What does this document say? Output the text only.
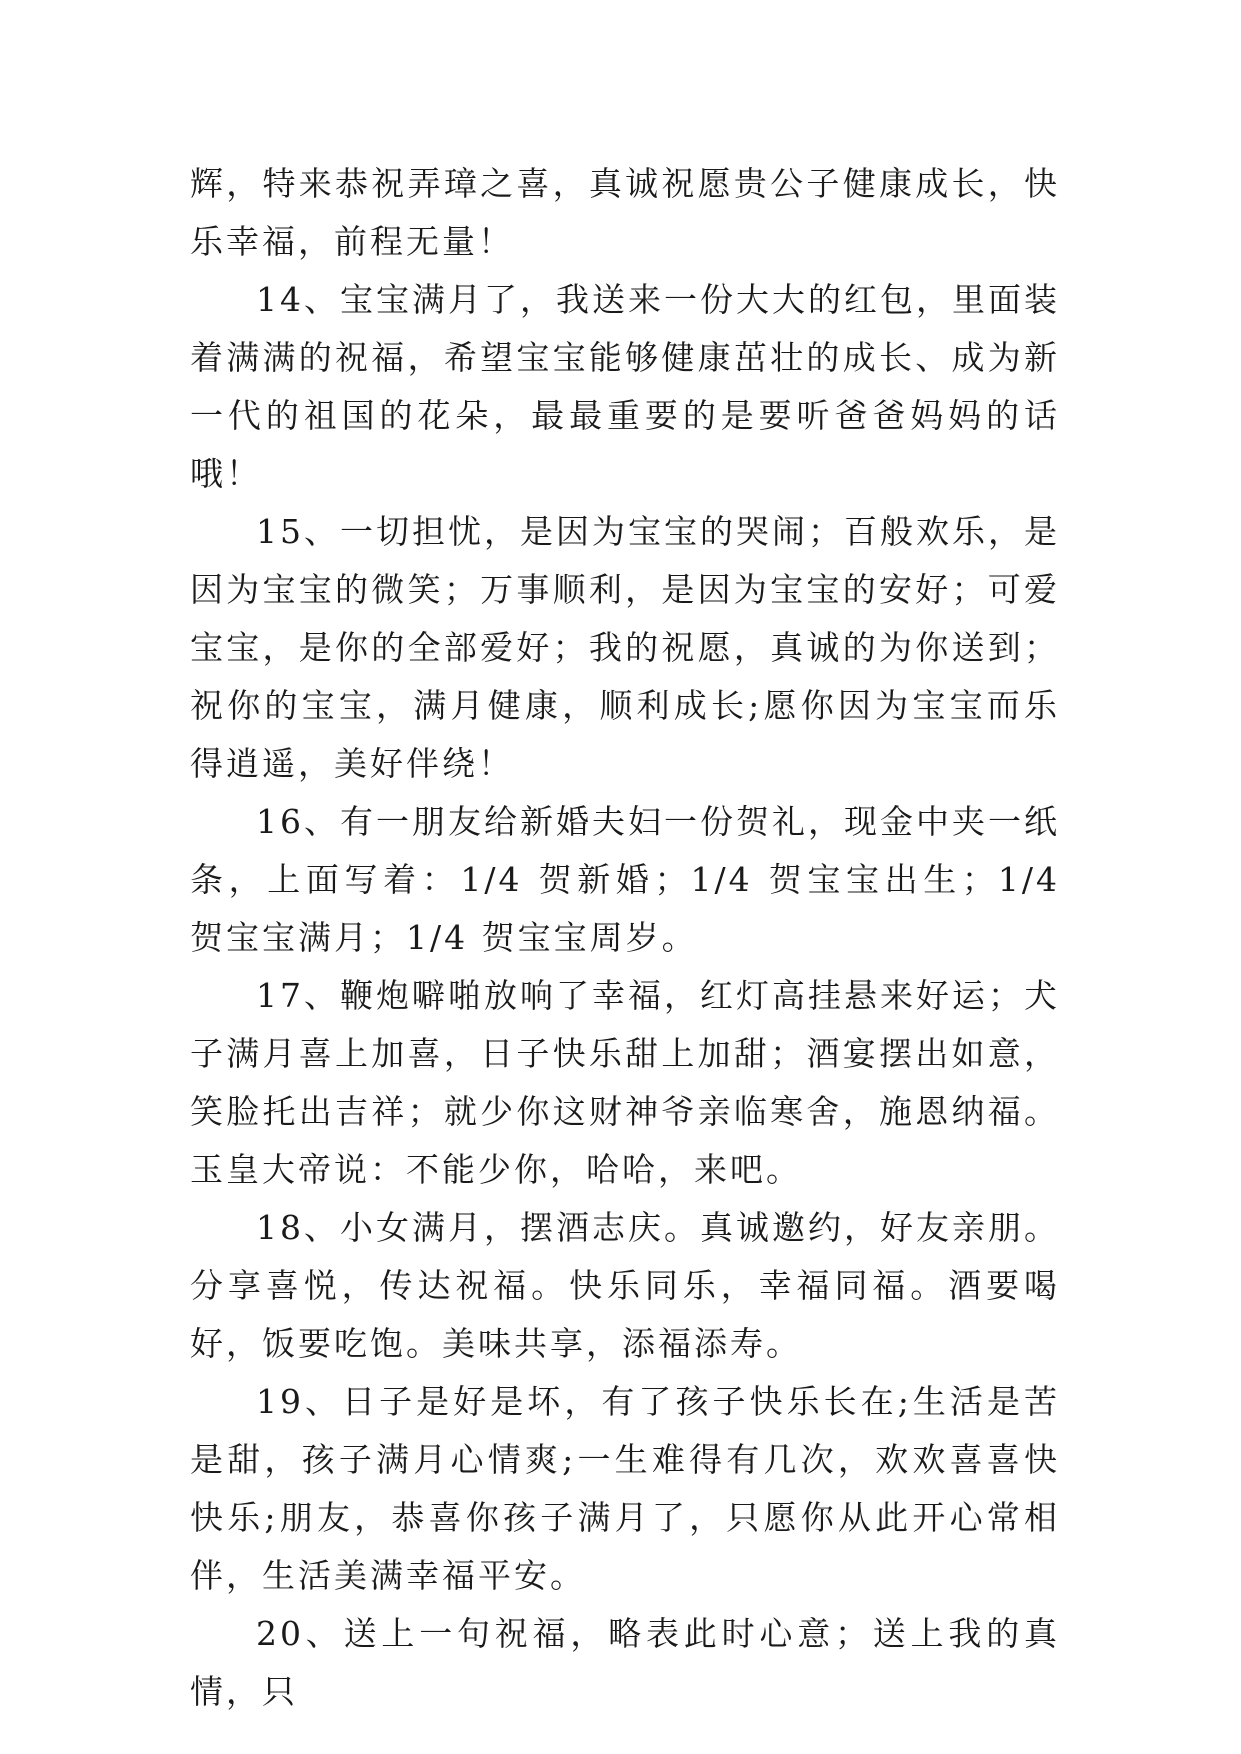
辉，特来恭祝弄璋之喜，真诚祝愿贵公子健康成长，快乐幸福，前程无量！

14、宝宝满月了，我送来一份大大的红包，里面装着满满的祝福，希望宝宝能够健康茁壮的成长、成为新一代的祖国的花朵，最最重要的是要听爸爸妈妈的话哦！

15、一切担忧，是因为宝宝的哭闹；百般欢乐，是因为宝宝的微笑；万事顺利，是因为宝宝的安好；可爱宝宝，是你的全部爱好；我的祝愿，真诚的为你送到；祝你的宝宝，满月健康，顺利成长;愿你因为宝宝而乐得逍遥，美好伴绕！

16、有一朋友给新婚夫妇一份贺礼，现金中夹一纸条，上面写着：1/4 贺新婚；1/4 贺宝宝出生；1/4 贺宝宝满月；1/4 贺宝宝周岁。

17、鞭炮噼啪放响了幸福，红灯高挂悬来好运；犬子满月喜上加喜，日子快乐甜上加甜；酒宴摆出如意，笑脸托出吉祥；就少你这财神爷亲临寒舍，施恩纳福。玉皇大帝说：不能少你，哈哈，来吧。

18、小女满月，摆酒志庆。真诚邀约，好友亲朋。分享喜悦，传达祝福。快乐同乐，幸福同福。酒要喝好，饭要吃饱。美味共享，添福添寿。

19、日子是好是坏，有了孩子快乐长在;生活是苦是甜，孩子满月心情爽;一生难得有几次，欢欢喜喜快快乐;朋友，恭喜你孩子满月了，只愿你从此开心常相伴，生活美满幸福平安。

20、送上一句祝福，略表此时心意；送上我的真情，只
